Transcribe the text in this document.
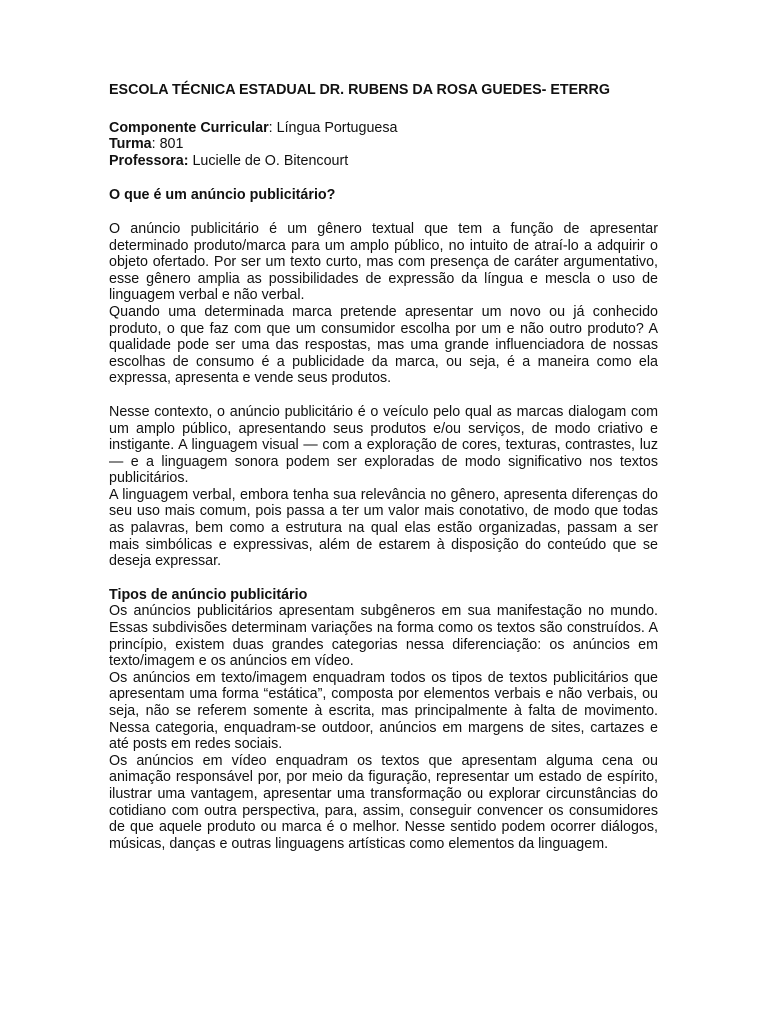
ESCOLA TÉCNICA ESTADUAL DR. RUBENS DA ROSA GUEDES- ETERRG
Componente Curricular: Língua Portuguesa
Turma: 801
Professora: Lucielle de O. Bitencourt
O que é um anúncio publicitário?

O anúncio publicitário é um gênero textual que tem a função de apresentar determinado produto/marca para um amplo público, no intuito de atraí-lo a adquirir o objeto ofertado. Por ser um texto curto, mas com presença de caráter argumentativo, esse gênero amplia as possibilidades de expressão da língua e mescla o uso de linguagem verbal e não verbal.

Quando uma determinada marca pretende apresentar um novo ou já conhecido produto, o que faz com que um consumidor escolha por um e não outro produto? A qualidade pode ser uma das respostas, mas uma grande influenciadora de nossas escolhas de consumo é a publicidade da marca, ou seja, é a maneira como ela expressa, apresenta e vende seus produtos.

Nesse contexto, o anúncio publicitário é o veículo pelo qual as marcas dialogam com um amplo público, apresentando seus produtos e/ou serviços, de modo criativo e instigante. A linguagem visual — com a exploração de cores, texturas, contrastes, luz — e a linguagem sonora podem ser exploradas de modo significativo nos textos publicitários.

A linguagem verbal, embora tenha sua relevância no gênero, apresenta diferenças do seu uso mais comum, pois passa a ter um valor mais conotativo, de modo que todas as palavras, bem como a estrutura na qual elas estão organizadas, passam a ser mais simbólicas e expressivas, além de estarem à disposição do conteúdo que se deseja expressar.

Tipos de anúncio publicitário

Os anúncios publicitários apresentam subgêneros em sua manifestação no mundo. Essas subdivisões determinam variações na forma como os textos são construídos. A princípio, existem duas grandes categorias nessa diferenciação: os anúncios em texto/imagem e os anúncios em vídeo.

Os anúncios em texto/imagem enquadram todos os tipos de textos publicitários que apresentam uma forma “estática”, composta por elementos verbais e não verbais, ou seja, não se referem somente à escrita, mas principalmente à falta de movimento. Nessa categoria, enquadram-se outdoor, anúncios em margens de sites, cartazes e até posts em redes sociais.

Os anúncios em vídeo enquadram os textos que apresentam alguma cena ou animação responsável por, por meio da figuração, representar um estado de espírito, ilustrar uma vantagem, apresentar uma transformação ou explorar circunstâncias do cotidiano com outra perspectiva, para, assim, conseguir convencer os consumidores de que aquele produto ou marca é o melhor. Nesse sentido podem ocorrer diálogos, músicas, danças e outras linguagens artísticas como elementos da linguagem.
